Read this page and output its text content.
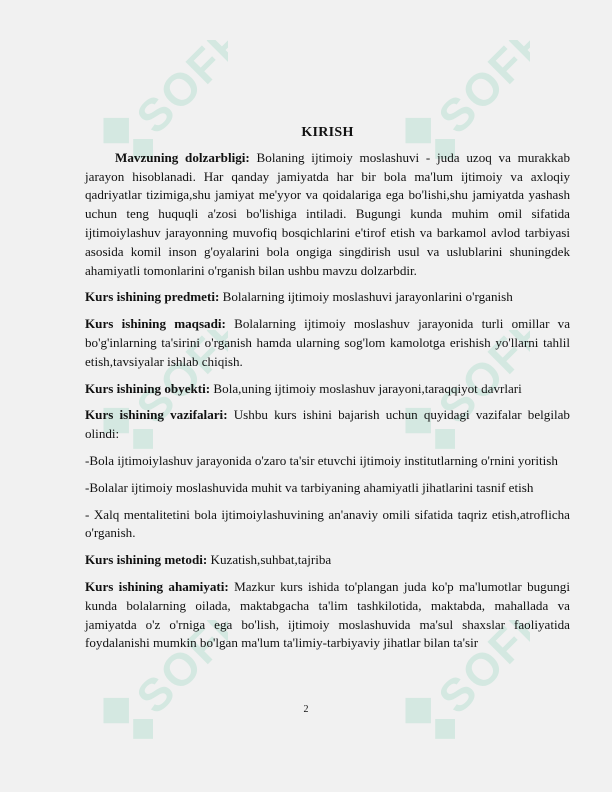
SOFF	SOFF
SOFF	SOFF
SOFF	SOFF
KIRISH

Mavzuning dolzarbligi: Bolaning ijtimoiy moslashuvi - juda uzoq va murakkab jarayon hisoblanadi. Har qanday jamiyatda har bir bola ma'lum ijtimoiy va axloqiy qadriyatlar tizimiga,shu jamiyat me'yyor va qoidalariga ega bo'lishi,shu jamiyatda yashash uchun teng huquqli a'zosi bo'lishiga intiladi. Bugungi kunda muhim omil sifatida ijtimoiylashuv jarayonning muvofiq bosqichlarini e'tirof etish va barkamol avlod tarbiyasi asosida komil inson g'oyalarini bola ongiga singdirish usul va uslublarini shuningdek ahamiyatli tomonlarini o'rganish bilan ushbu mavzu dolzarbdir.

Kurs ishining predmeti: Bolalarning ijtimoiy moslashuvi jarayonlarini o'rganish

Kurs ishining maqsadi: Bolalarning ijtimoiy moslashuv jarayonida turli omillar va bo'g'inlarning ta'sirini o'rganish hamda ularning sog'lom kamolotga erishish yo'llarni tahlil etish,tavsiyalar ishlab chiqish.

Kurs ishining obyekti: Bola,uning ijtimoiy moslashuv jarayoni,taraqqiyot davrlari

Kurs ishining vazifalari: Ushbu kurs ishini bajarish uchun quyidagi vazifalar belgilab olindi:

-Bola ijtimoiylashuv jarayonida o'zaro ta'sir etuvchi ijtimoiy institutlarning o'rnini yoritish

-Bolalar ijtimoiy moslashuvida muhit va tarbiyaning ahamiyatli jihatlarini tasnif etish

- Xalq mentalitetini bola ijtimoiylashuvining an'anaviy omili sifatida taqriz etish,atroflicha o'rganish.

Kurs ishining metodi: Kuzatish,suhbat,tajriba

Kurs ishining ahamiyati: Mazkur kurs ishida to'plangan juda ko'p ma'lumotlar bugungi kunda bolalarning oilada, maktabgacha ta'lim tashkilotida, maktabda, mahallada va jamiyatda o'z o'rniga ega bo'lish, ijtimoiy moslashuvida ma'sul shaxslar faoliyatida foydalanishi mumkin bo'lgan ma'lum ta'limiy-tarbiyaviy jihatlar bilan ta'sir

2
